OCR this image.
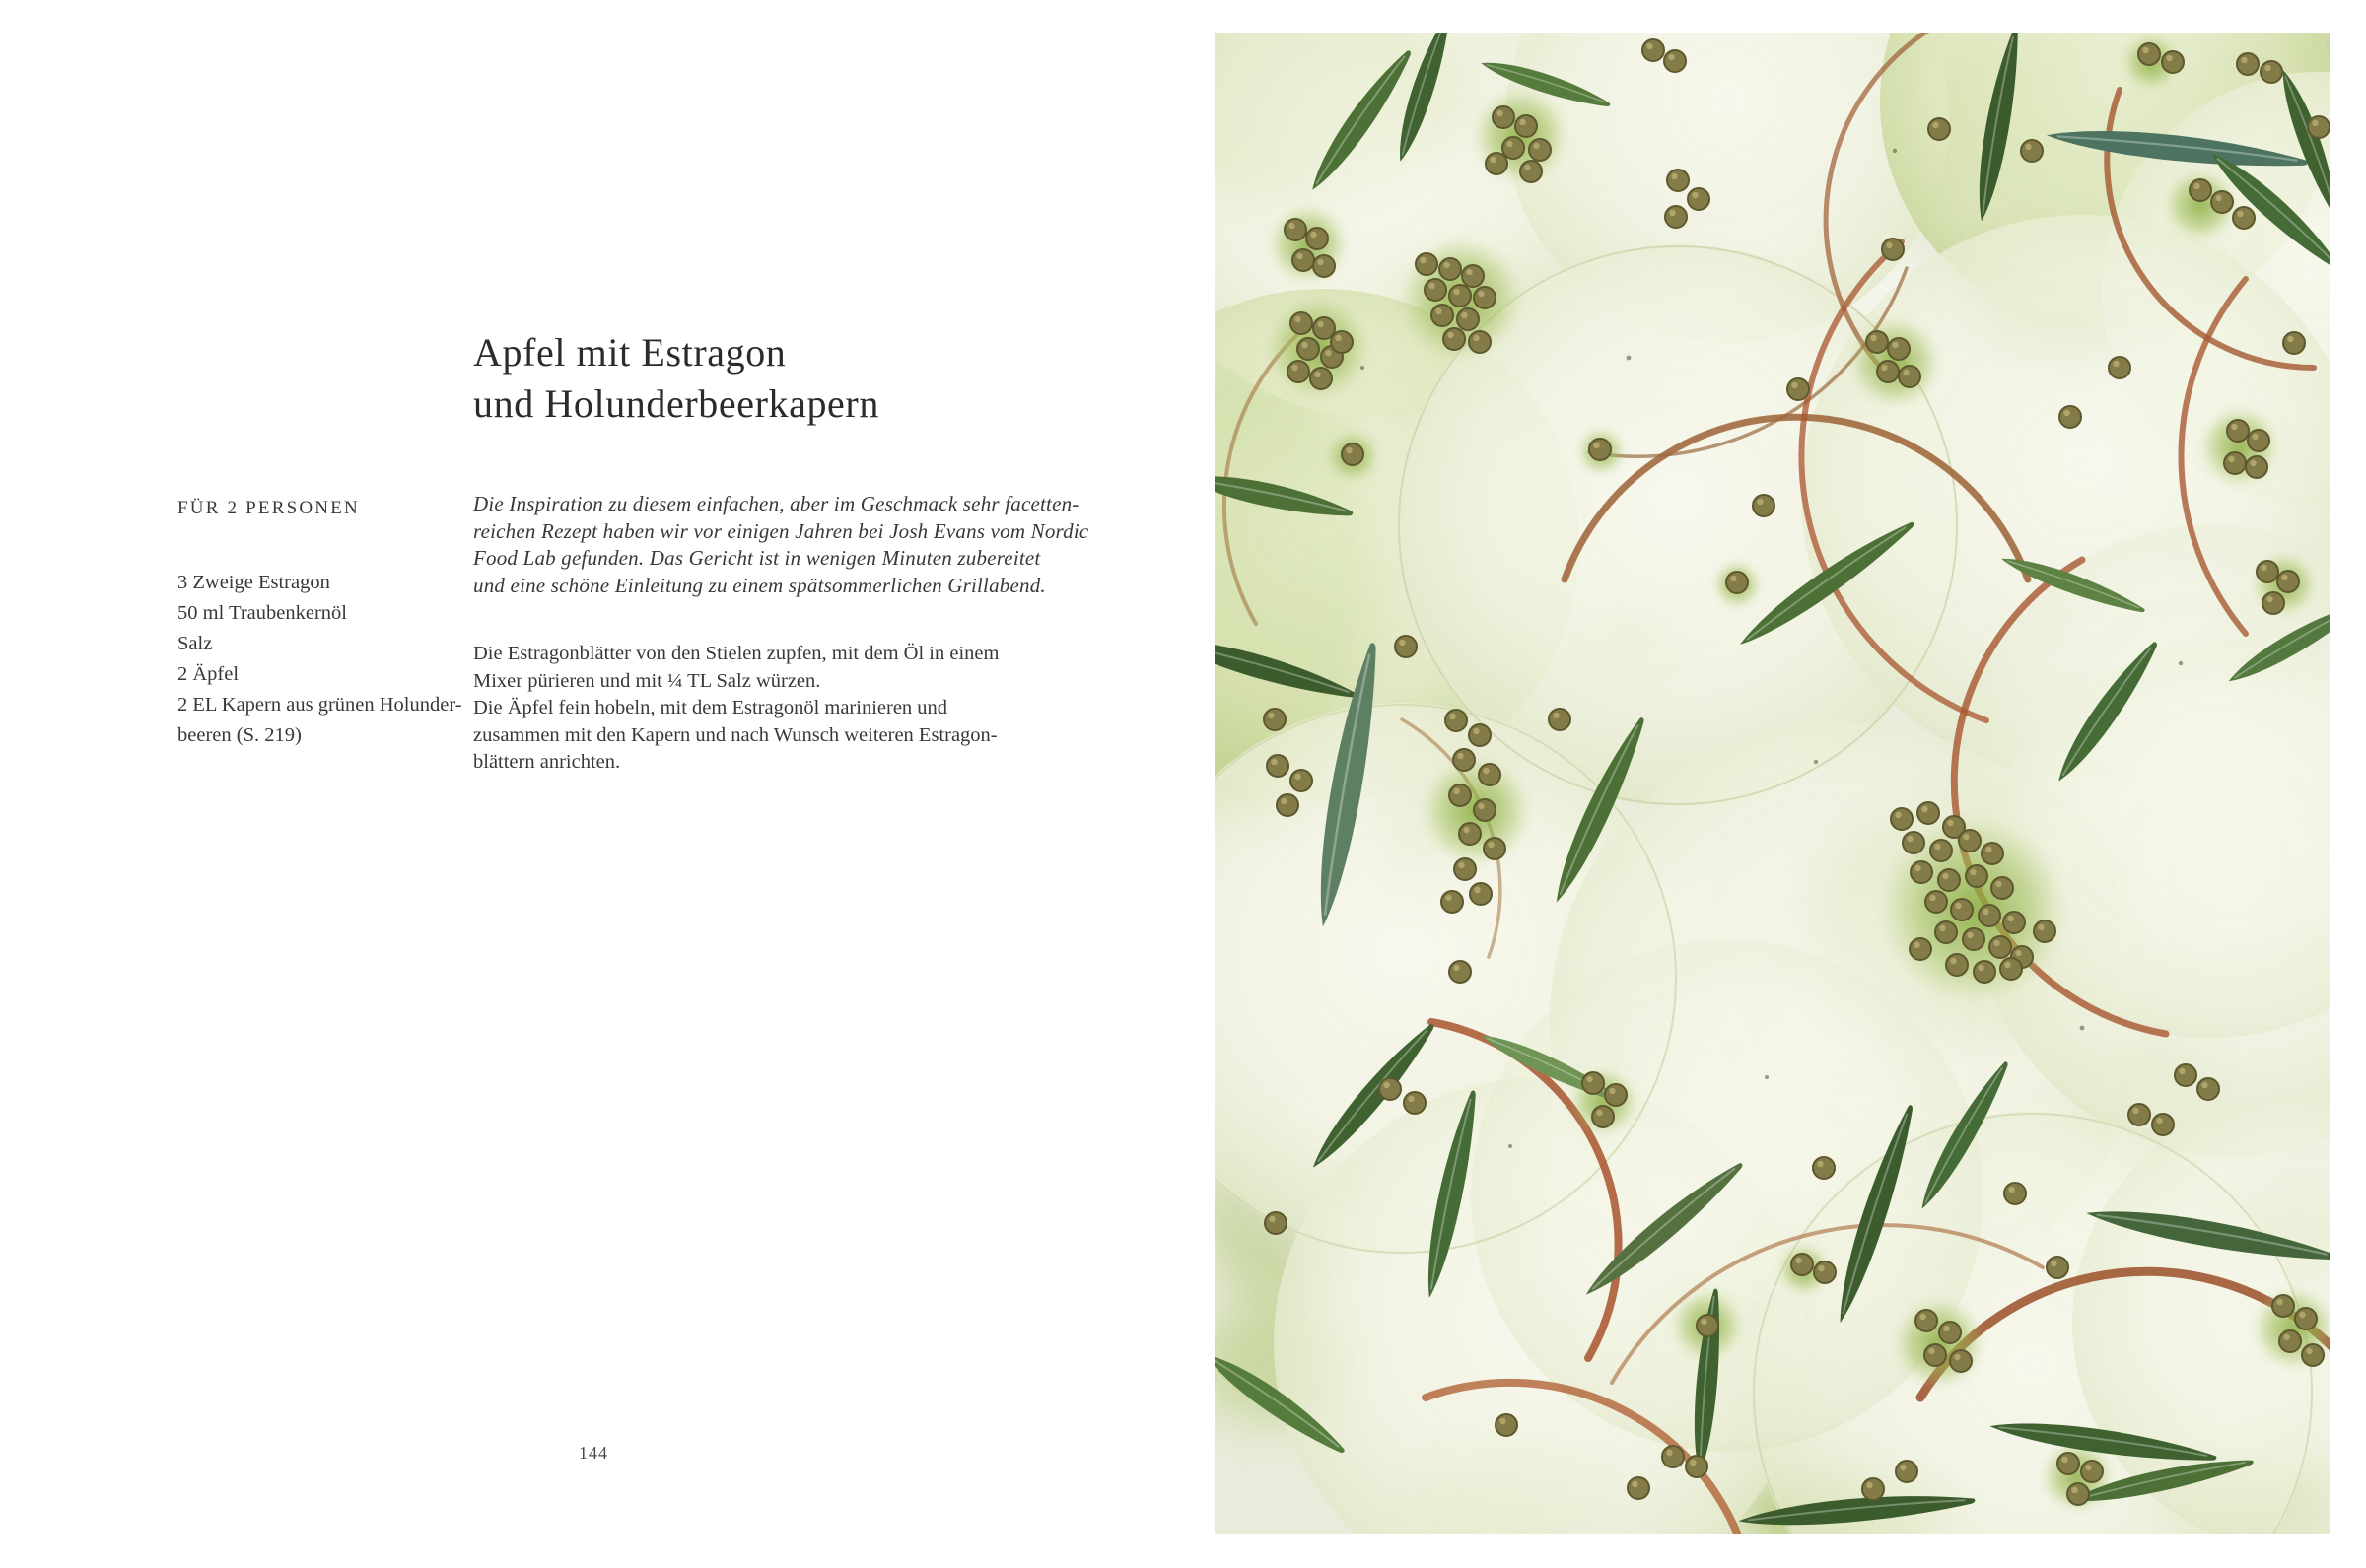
Apfel mit Estragon
und Holunderbeerkapern
FÜR 2 PERSONEN
3 Zweige Estragon
50 ml Traubenkernöl
Salz
2 Äpfel
2 EL Kapern aus grünen Holunder-
beeren (S. 219)
Die Inspiration zu diesem einfachen, aber im Geschmack sehr facetten-
reichen Rezept haben wir vor einigen Jahren bei Josh Evans vom Nordic
Food Lab gefunden. Das Gericht ist in wenigen Minuten zubereitet
und eine schöne Einleitung zu einem spätsommerlichen Grillabend.
Die Estragonblätter von den Stielen zupfen, mit dem Öl in einem
Mixer pürieren und mit ¼ TL Salz würzen.
Die Äpfel fein hobeln, mit dem Estragonöl marinieren und
zusammen mit den Kapern und nach Wunsch weiteren Estragon-
blättern anrichten.
144
